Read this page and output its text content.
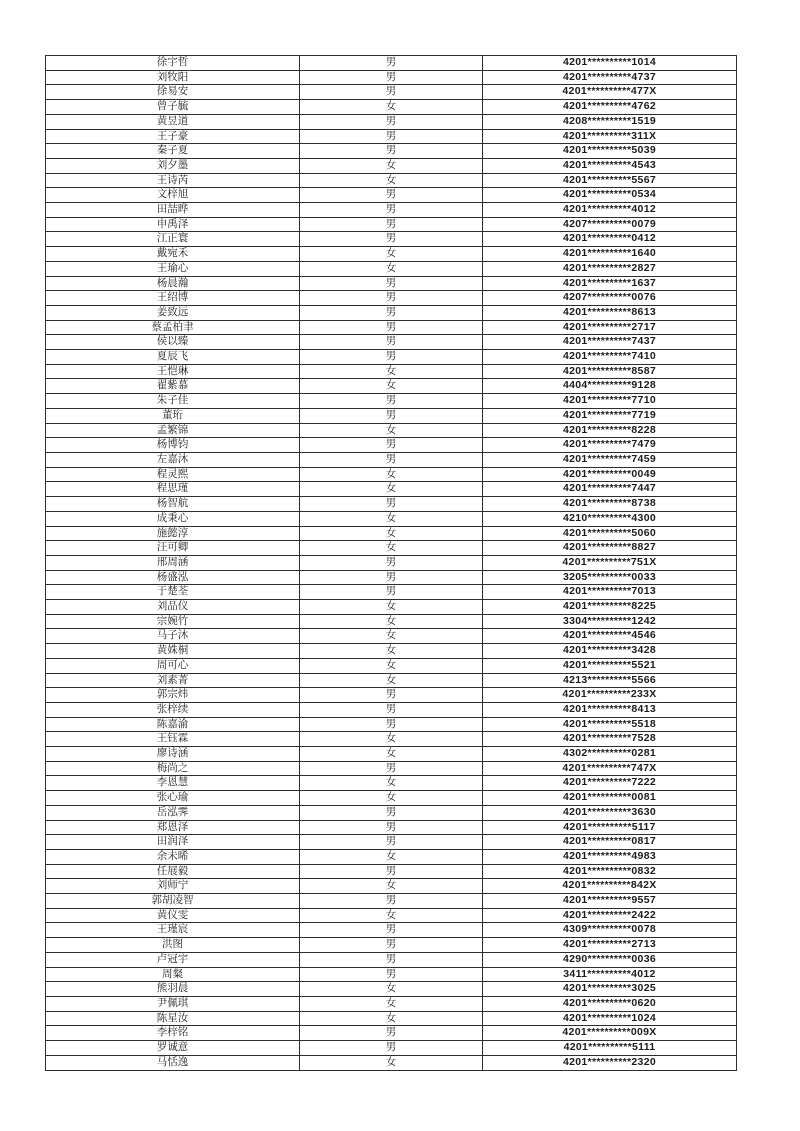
徐宇哲	男	4201**********1014
刘牧阳	男	4201**********4737
徐易安	男	4201**********477X
曾子毓	女	4201**********4762
黄昱道	男	4208**********1519
王子豪	男	4201**********311X
秦子夏	男	4201**********5039
刘夕墨	女	4201**********4543
王诗芮	女	4201**********5567
文梓旭	男	4201**********0534
田喆晔	男	4201**********4012
申禹泽	男	4207**********0079
江正寰	男	4201**********0412
戴宛禾	女	4201**********1640
王瑜心	女	4201**********2827
杨晨瀚	男	4201**********1637
王绍博	男	4207**********0076
姜致远	男	4201**********8613
蔡孟柏聿	男	4201**********2717
侯以臻	男	4201**********7437
夏辰飞	男	4201**********7410
王恺琳	女	4201**********8587
翟紫慕	女	4404**********9128
朱子佳	男	4201**********7710
董珩	男	4201**********7719
孟繁锦	女	4201**********8228
杨博钧	男	4201**********7479
左嘉沐	男	4201**********7459
程灵熙	女	4201**********0049
程思瑾	女	4201**********7447
杨智航	男	4201**********8738
成秉心	女	4210**********4300
施懿淳	女	4201**********5060
汪可卿	女	4201**********8827
邢周涵	男	4201**********751X
杨盛泓	男	3205**********0033
于楚荃	男	4201**********7013
刘品仪	女	4201**********8225
宗婉竹	女	3304**********1242
马子沐	女	4201**********4546
黄姝桐	女	4201**********3428
周可心	女	4201**********5521
刘素菁	女	4213**********5566
郭宗炜	男	4201**********233X
张梓续	男	4201**********8413
陈嘉渝	男	4201**********5518
王钰霖	女	4201**********7528
廖诗涵	女	4302**********0281
梅尚之	男	4201**********747X
李恩慧	女	4201**********7222
张心瑜	女	4201**********0081
岳泓霁	男	4201**********3630
郑恩泽	男	4201**********5117
田润泽	男	4201**********0817
余未晞	女	4201**********4983
任展毅	男	4201**********0832
刘师宁	女	4201**********842X
郭胡凌智	男	4201**********9557
黄仪雯	女	4201**********2422
王瑾宸	男	4309**********0078
洪图	男	4201**********2713
卢冠宇	男	4290**********0036
周粲	男	3411**********4012
熊羽晨	女	4201**********3025
尹佩琪	女	4201**********0620
陈星汝	女	4201**********1024
李梓铭	男	4201**********009X
罗诚意	男	4201**********5111
马恬逸	女	4201**********2320
